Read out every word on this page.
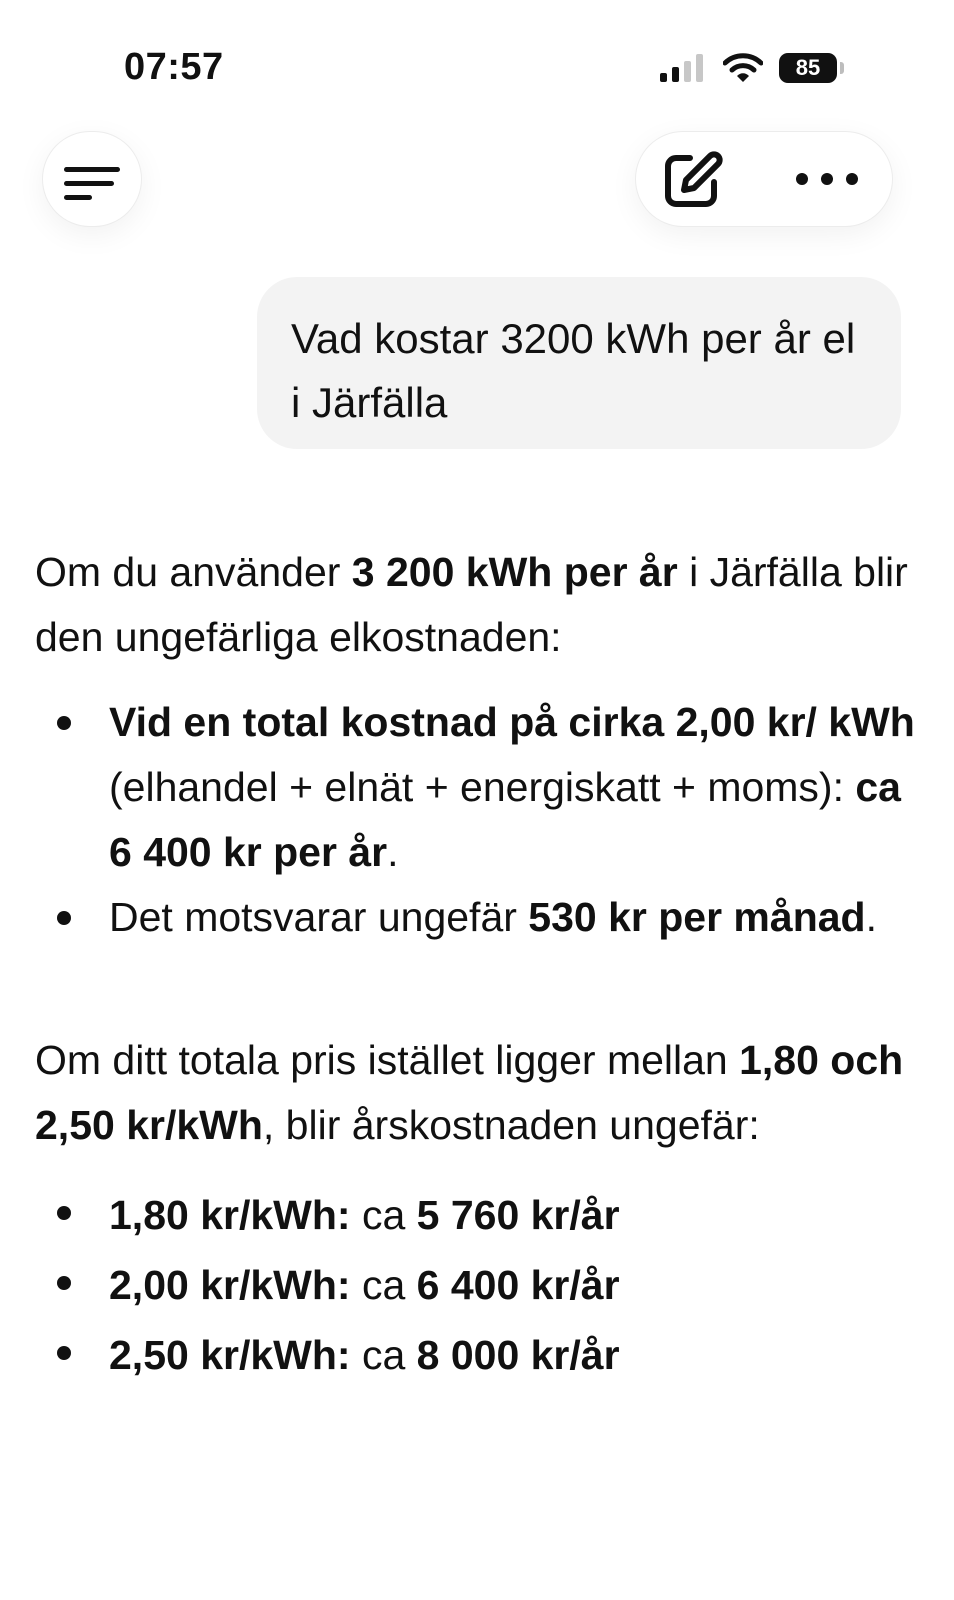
07:57	85
Vad kostar 3200 kWh per år el i Järfälla

Om du använder 3 200 kWh per år i Järfälla blir den ungefärliga elkostnaden:

Vid en total kostnad på cirka 2,00 kr/ kWh (elhandel + elnät + energiskatt + moms): ca 6 400 kr per år.
Det motsvarar ungefär 530 kr per månad.

Om ditt totala pris istället ligger mellan 1,80 och 2,50 kr/kWh, blir årskostnaden ungefär:

1,80 kr/kWh: ca 5 760 kr/år
2,00 kr/kWh: ca 6 400 kr/år
2,50 kr/kWh: ca 8 000 kr/år
